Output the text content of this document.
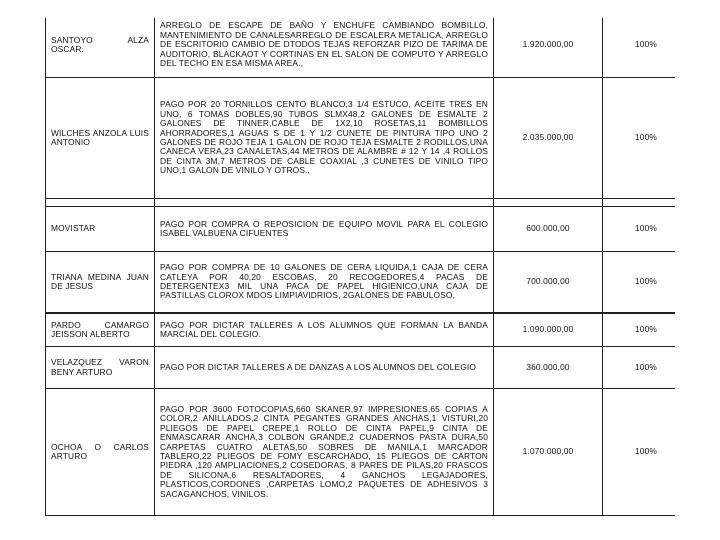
SANTOYO ALZA OSCAR.	ARREGLO DE ESCAPE DE BAÑO Y ENCHUFE CAMBIANDO BOMBILLO, MANTENIMIENTO DE CANALESARREGLO DE ESCALERA METALICA, ARREGLO DE ESCRITORIO CAMBIO DE DTODOS TEJAS REFORZAR PIZO DE TARIMA DE AUDITORIO, BLACKAOT Y CORTINAS EN EL SALON DE COMPUTO Y ARREGLO DEL TECHO EN ESA MISMA AREA.,	1.920.000,00	100%
WILCHES ANZOLA LUIS ANTONIO	PAGO POR 20 TORNILLOS CENTO BLANCO,3 1/4 ESTUCO, ACEITE TRES EN UNO, 6 TOMAS DOBLES,90 TUBOS SLMX48,2 GALONES DE ESMALTE 2 GALONES DE TINNER,CABLE DE 1X2,10 ROSETAS,11 BOMBILLOS AHORRADORES,1 AGUAS S DE 1 Y 1/2 CUNETE DE PINTURA TIPO UNO 2 GALONES DE ROJO TEJA 1 GALON DE ROJO TEJA ESMALTE 2 RODILLOS,UNA CANECA VERA,23 CANALETAS,44 METROS DE ALAMBRE # 12 Y 14 ,4 ROLLOS DE CINTA 3M,7 METROS DE CABLE COAXIAL ,3 CUNETES DE VINILO TIPO UNO,1 GALON DE VINILO Y OTROS.,	2.035.000,00	100%

MOVISTAR	PAGO POR COMPRA O REPOSICION DE EQUIPO MOVIL PARA EL COLEGIO ISABEL VALBUENA CIFUENTES	600.000,00	100%
TRIANA MEDINA JUAN DE JESUS	PAGO POR COMPRA DE 10 GALONES DE CERA LIQUIDA,1 CAJA DE CERA CATLEYA POR 40,20 ESCOBAS, 20 RECOGEDORES,4 PACAS DE DETERGENTEX3 MIL UNA PACA DE PAPEL HIGIENICO,UNA CAJA DE PASTILLAS CLOROX MDOS LIMPIAVIDRIOS, 2GALONES DE FABULOSO,	700.000,00	100%
PARDO CAMARGO JEISSON ALBERTO	PAGO POR DICTAR TALLERES A LOS ALUMNOS QUE FORMAN LA BANDA MARCIAL DEL COLEGIO.	1.090.000,00	100%
VELAZQUEZ VARON BENY ARTURO	PAGO POR DICTAR TALLERES A DE DANZAS A LOS ALUMNOS DEL COLEGIO	360.000,00	100%
OCHOA O CARLOS ARTURO	PAGO POR 3600 FOTOCOPIAS,660 SKANER,97 IMPRESIONES,65 COPIAS A COLOR,2 ANILLADOS,2 CINTA PEGANTES GRANDES ANCHAS,1 VISTURI,20 PLIEGOS DE PAPEL CREPE,1 ROLLO DE CINTA PAPEL,9 CINTA DE ENMASCARAR ANCHA,3 COLBON GRANDE,2 CUADERNOS PASTA DURA,50 CARPETAS CUATRO ALETAS,50 SOBRES DE MANILA,1 MARCADOR TABLERO,22 PLIEGOS DE FOMY ESCARCHADO, 15 PLIEGOS DE CARTON PIEDRA ,120 AMPLIACIONES,2 COSEDORAS, 8 PARES DE PILAS,20 FRASCOS DE SILICONA,6 RESALTADORES, 4 GANCHOS LEGAJADORES, PLASTICOS,CORDONES ,CARPETAS LOMO,2 PAQUETES DE ADHESIVOS 3 SACAGANCHOS, VINILOS.	1.070.000,00	100%
